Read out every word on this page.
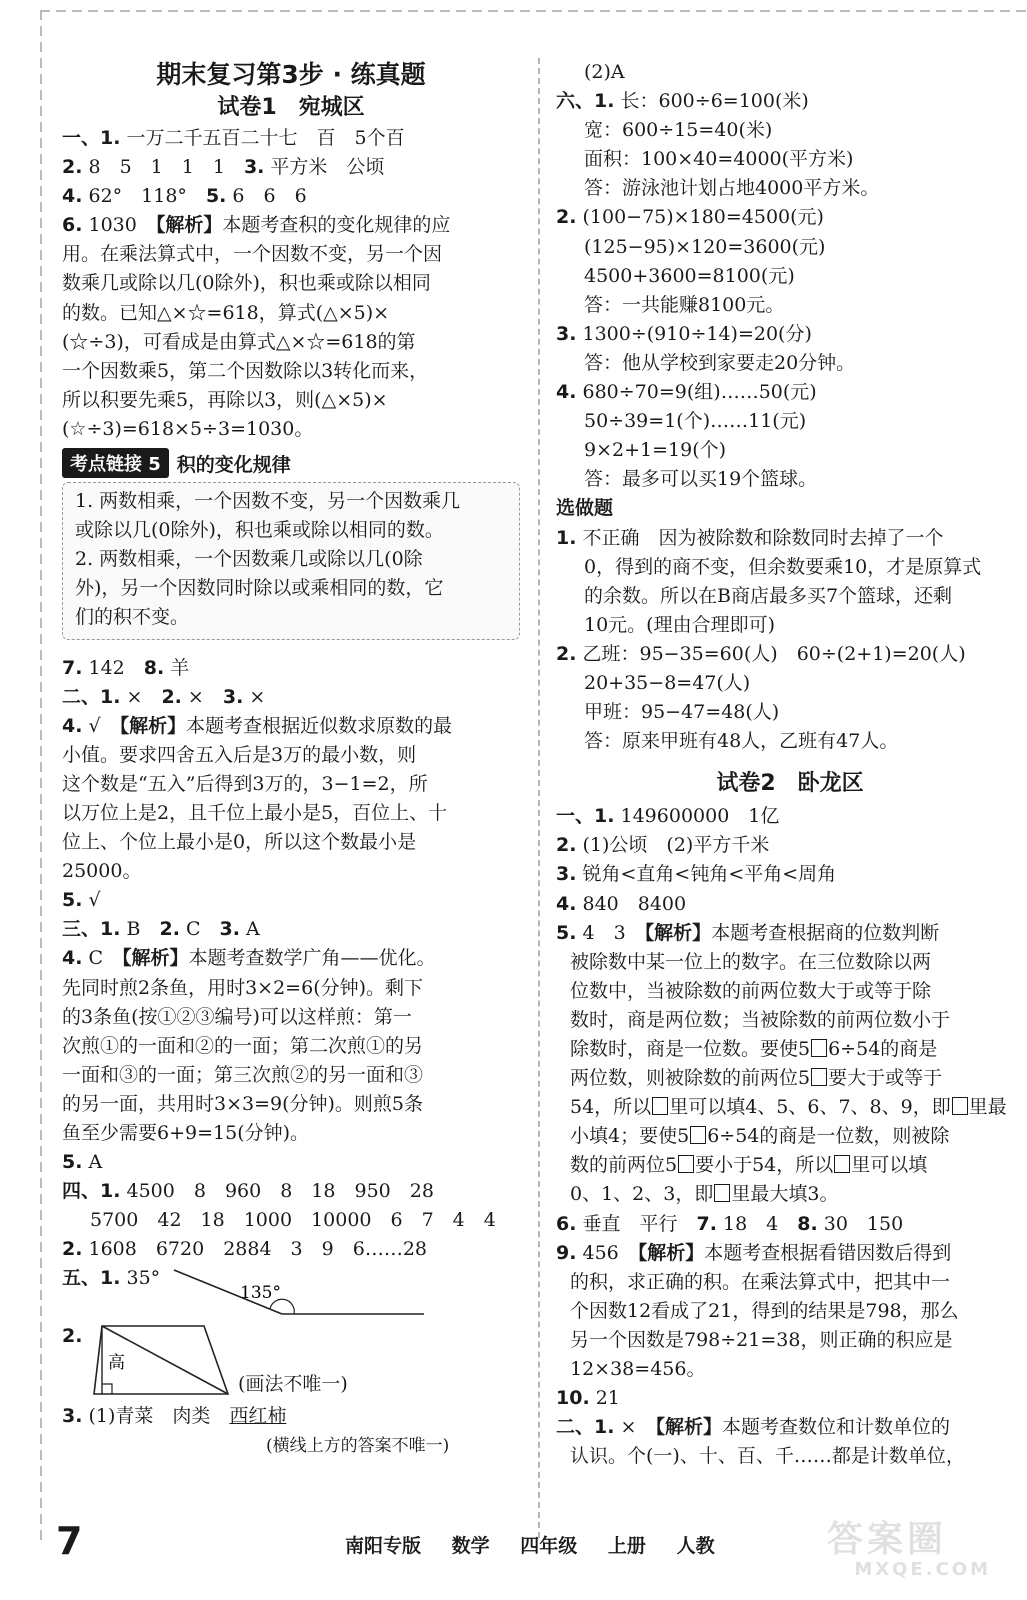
期末复习第3步 · 练真题
试卷1　宛城区
一、1. 一万二千五百二十七　百　5个百
2. 8　5　1　1　1　3. 平方米　公顷
4. 62°　118°　5. 6　6　6
6. 1030　【解析】本题考查积的变化规律的应
用。在乘法算式中，一个因数不变，另一个因
数乘几或除以几(0除外)，积也乘或除以相同
的数。已知△×☆=618，算式(△×5)×
(☆÷3)，可看成是由算式△×☆=618的第
一个因数乘5，第二个因数除以3转化而来，
所以积要先乘5，再除以3，则(△×5)×
(☆÷3)=618×5÷3=1030。
考点链接 5 积的变化规律
1. 两数相乘，一个因数不变，另一个因数乘几
或除以几(0除外)，积也乘或除以相同的数。
2. 两数相乘，一个因数乘几或除以几(0除
外)，另一个因数同时除以或乘相同的数，它
们的积不变。
7. 142　8. 羊
二、1. ×　2. ×　3. ×
4. √　【解析】本题考查根据近似数求原数的最
小值。要求四舍五入后是3万的最小数，则
这个数是“五入”后得到3万的，3−1=2，所
以万位上是2，且千位上最小是5，百位上、十
位上、个位上最小是0，所以这个数最小是
25000。
5. √
三、1. B　2. C　3. A
4. C　【解析】本题考查数学广角——优化。
先同时煎2条鱼，用时3×2=6(分钟)。剩下
的3条鱼(按①②③编号)可以这样煎：第一
次煎①的一面和②的一面；第二次煎①的另
一面和③的一面；第三次煎②的另一面和③
的另一面，共用时3×3=9(分钟)。则煎5条
鱼至少需要6+9=15(分钟)。
5. A
四、1. 4500　8　960　8　18　950　28
5700　42　18　1000　10000　6　7　4　4
2. 1608　6720　2884　3　9　6……28
五、1. 35°
135°
2.
高
(画法不唯一)
3. (1)青菜　肉类　西红柿
(横线上方的答案不唯一)
(2)A
六、1. 长：600÷6=100(米)
宽：600÷15=40(米)
面积：100×40=4000(平方米)
答：游泳池计划占地4000平方米。
2. (100−75)×180=4500(元)
(125−95)×120=3600(元)
4500+3600=8100(元)
答：一共能赚8100元。
3. 1300÷(910÷14)=20(分)
答：他从学校到家要走20分钟。
4. 680÷70=9(组)……50(元)
50÷39=1(个)……11(元)
9×2+1=19(个)
答：最多可以买19个篮球。
选做题
1. 不正确　因为被除数和除数同时去掉了一个
0，得到的商不变，但余数要乘10，才是原算式
的余数。所以在B商店最多买7个篮球，还剩
10元。(理由合理即可)
2. 乙班：95−35=60(人)　60÷(2+1)=20(人)
20+35−8=47(人)
甲班：95−47=48(人)
答：原来甲班有48人，乙班有47人。
试卷2　卧龙区
一、1. 149600000　1亿
2. (1)公顷　(2)平方千米
3. 锐角<直角<钝角<平角<周角
4. 840　8400
5. 4　3　【解析】本题考查根据商的位数判断
被除数中某一位上的数字。在三位数除以两
位数中，当被除数的前两位数大于或等于除
数时，商是两位数；当被除数的前两位数小于
除数时，商是一位数。要使5 6÷54的商是
两位数，则被除数的前两位5 要大于或等于
54，所以 里可以填4、5、6、7、8、9，即 里最
小填4；要使5 6÷54的商是一位数，则被除
数的前两位5 要小于54，所以 里可以填
0、1、2、3，即 里最大填3。
6. 垂直　平行　7. 18　4　8. 30　150
9. 456　【解析】本题考查根据看错因数后得到
的积，求正确的积。在乘法算式中，把其中一
个因数12看成了21，得到的结果是798，那么
另一个因数是798÷21=38，则正确的积应是
12×38=456。
10. 21
二、1. ×　【解析】本题考查数位和计数单位的
认识。个(一)、十、百、千……都是计数单位，
7	南阳专版 数学 四年级 上册 人教	答案圈
MXQE.COM
